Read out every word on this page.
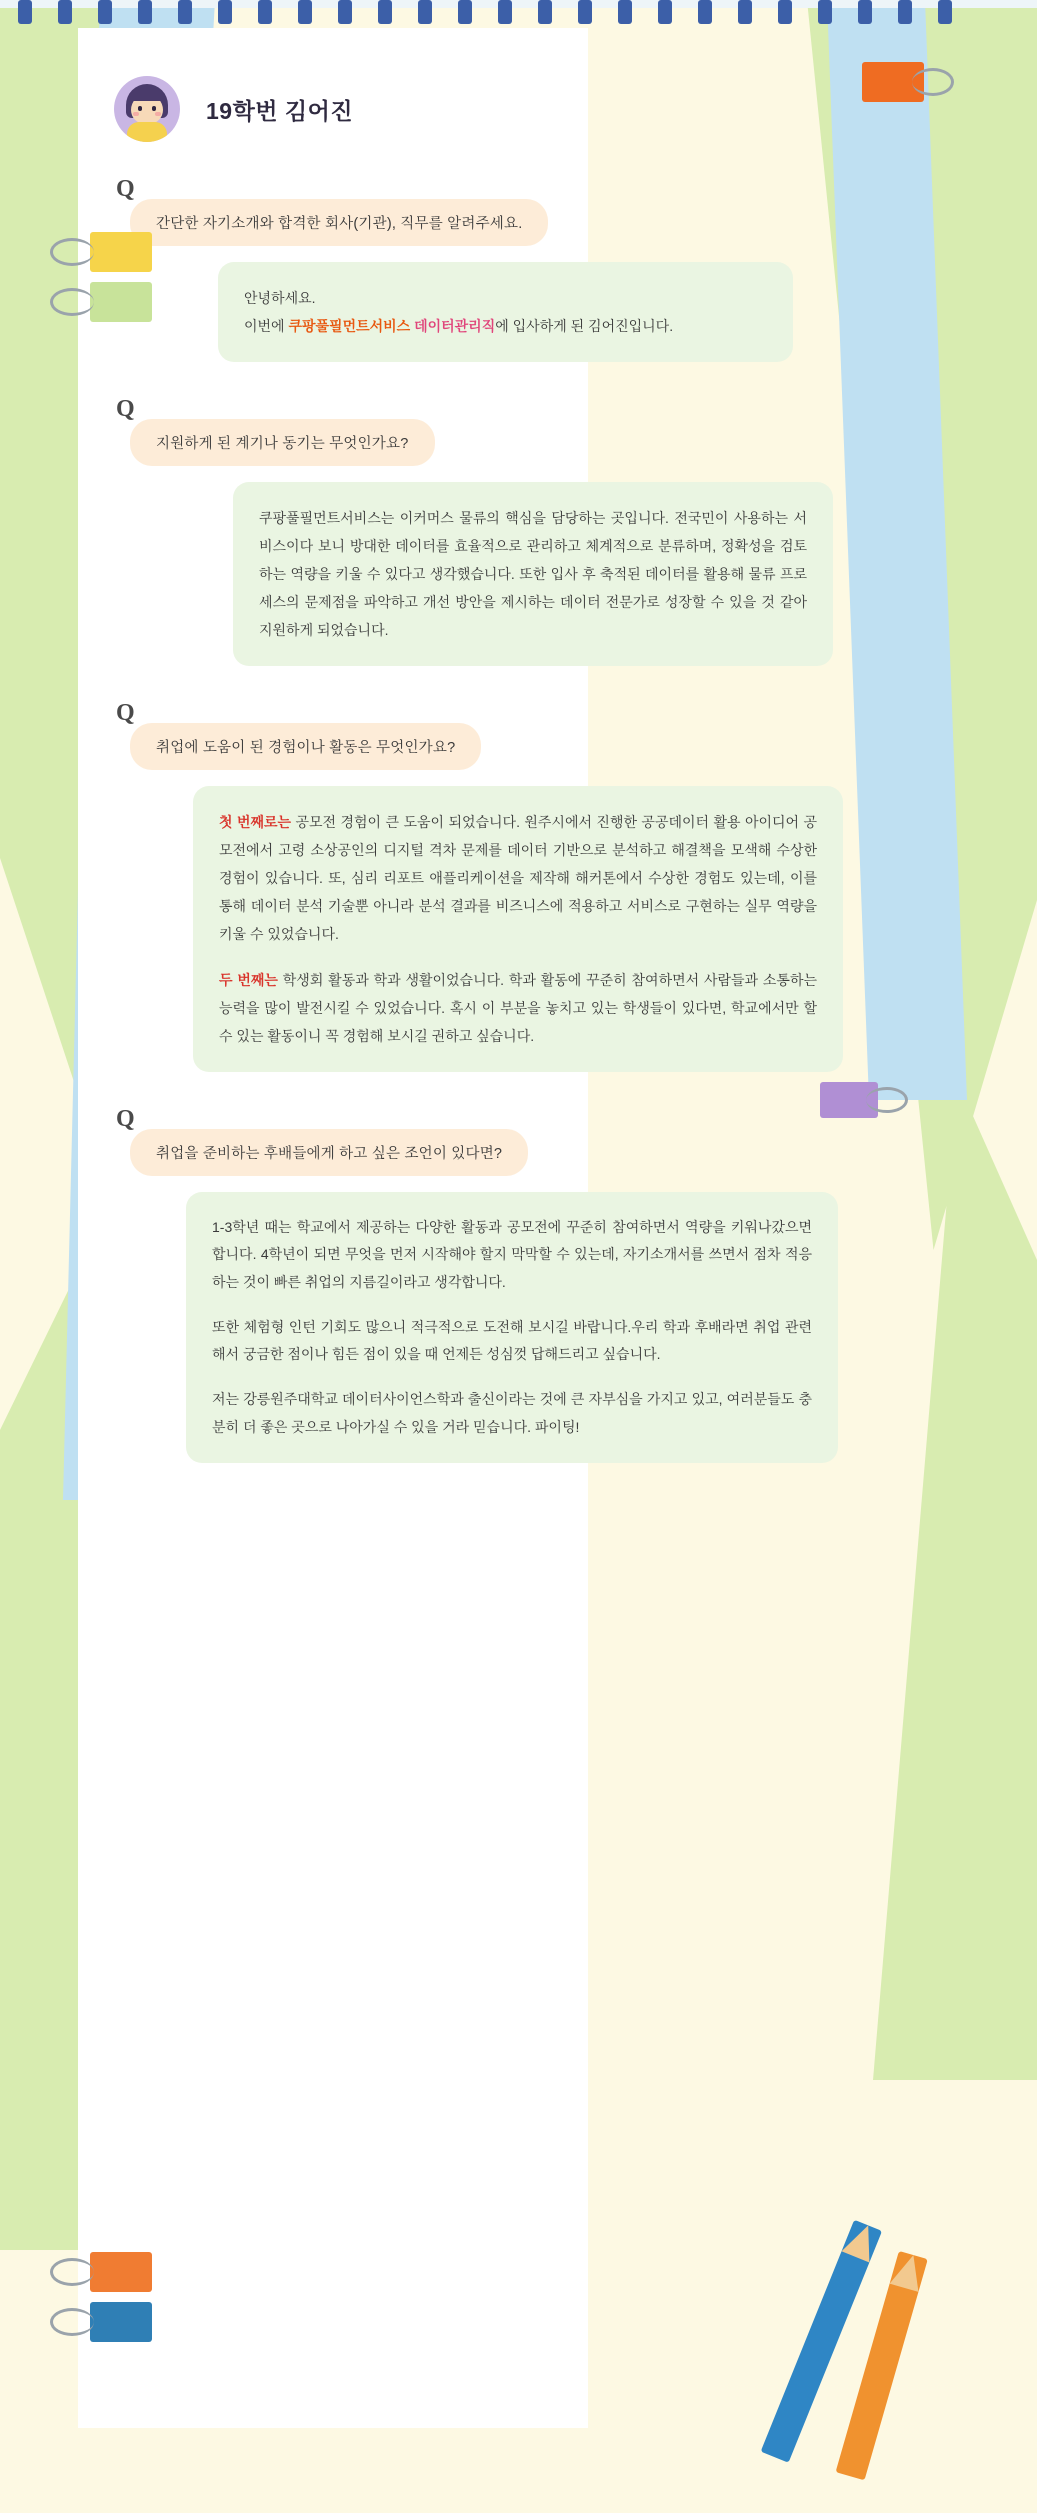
19학번 김어진
Q
간단한 자기소개와 합격한 회사(기관), 직무를 알려주세요.

안녕하세요.
이번에 쿠팡풀필먼트서비스 데이터관리직에 입사하게 된 김어진입니다.

Q
지원하게 된 계기나 동기는 무엇인가요?

쿠팡풀필먼트서비스는 이커머스 물류의 핵심을 담당하는 곳입니다. 전국민이 사용하는 서비스이다 보니 방대한 데이터를 효율적으로 관리하고 체계적으로 분류하며, 정확성을 검토하는 역량을 키울 수 있다고 생각했습니다. 또한 입사 후 축적된 데이터를 활용해 물류 프로세스의 문제점을 파악하고 개선 방안을 제시하는 데이터 전문가로 성장할 수 있을 것 같아 지원하게 되었습니다.

Q
취업에 도움이 된 경험이나 활동은 무엇인가요?

첫 번째로는 공모전 경험이 큰 도움이 되었습니다. 원주시에서 진행한 공공데이터 활용 아이디어 공모전에서 고령 소상공인의 디지털 격차 문제를 데이터 기반으로 분석하고 해결책을 모색해 수상한 경험이 있습니다. 또, 심리 리포트 애플리케이션을 제작해 해커톤에서 수상한 경험도 있는데, 이를 통해 데이터 분석 기술뿐 아니라 분석 결과를 비즈니스에 적용하고 서비스로 구현하는 실무 역량을 키울 수 있었습니다.

두 번째는 학생회 활동과 학과 생활이었습니다. 학과 활동에 꾸준히 참여하면서 사람들과 소통하는 능력을 많이 발전시킬 수 있었습니다. 혹시 이 부분을 놓치고 있는 학생들이 있다면, 학교에서만 할 수 있는 활동이니 꼭 경험해 보시길 권하고 싶습니다.

Q
취업을 준비하는 후배들에게 하고 싶은 조언이 있다면?

1-3학년 때는 학교에서 제공하는 다양한 활동과 공모전에 꾸준히 참여하면서 역량을 키워나갔으면 합니다. 4학년이 되면 무엇을 먼저 시작해야 할지 막막할 수 있는데, 자기소개서를 쓰면서 점차 적응하는 것이 빠른 취업의 지름길이라고 생각합니다.

또한 체험형 인턴 기회도 많으니 적극적으로 도전해 보시길 바랍니다.우리 학과 후배라면 취업 관련해서 궁금한 점이나 힘든 점이 있을 때 언제든 성심껏 답해드리고 싶습니다.

저는 강릉원주대학교 데이터사이언스학과 출신이라는 것에 큰 자부심을 가지고 있고, 여러분들도 충분히 더 좋은 곳으로 나아가실 수 있을 거라 믿습니다. 파이팅!
